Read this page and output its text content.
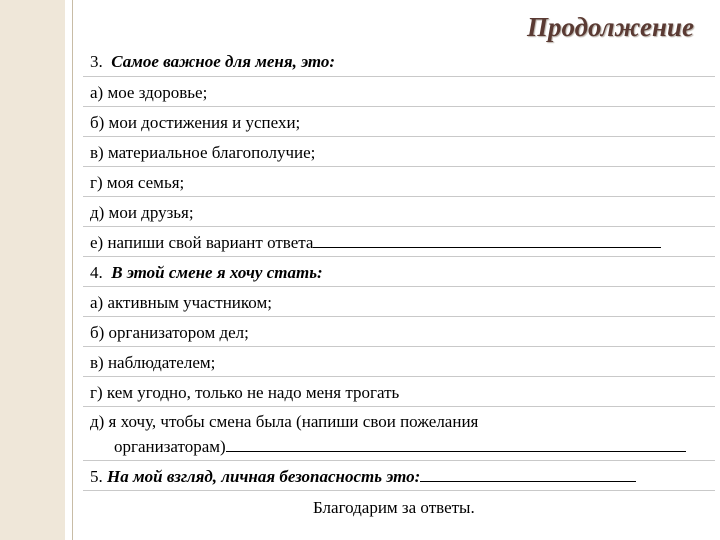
Продолжение
3. Самое важное для меня, это:
а) мое здоровье;
б) мои достижения и успехи;
в) материальное благополучие;
г) моя семья;
д) мои друзья;
е) напиши свой вариант ответа
4. В этой смене я хочу стать:
а) активным участником;
б) организатором дел;
в) наблюдателем;
г) кем угодно, только не надо меня трогать
д) я хочу, чтобы смена была (напиши свои пожелания
организаторам)
5. На мой взгляд, личная безопасность это:
Благодарим за ответы.
